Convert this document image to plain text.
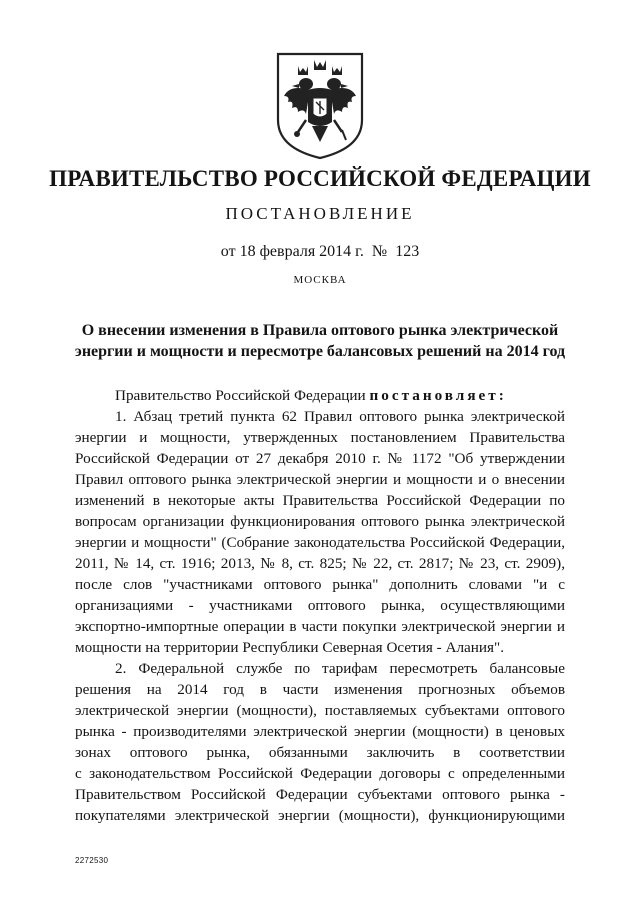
ПРАВИТЕЛЬСТВО РОССИЙСКОЙ ФЕДЕРАЦИИ
ПОСТАНОВЛЕНИЕ
от 18 февраля 2014 г.  №  123
МОСКВА
О внесении изменения в Правила оптового рынка электрической
энергии и мощности и пересмотре балансовых решений на 2014 год
Правительство Российской Федерации постановляет:
1. Абзац третий пункта 62 Правил оптового рынка электрической
энергии и мощности, утвержденных постановлением Правительства
Российской Федерации от 27 декабря 2010 г. № 1172 "Об утверждении
Правил оптового рынка электрической энергии и мощности и о внесении
изменений в некоторые акты Правительства Российской Федерации по
вопросам организации функционирования оптового рынка электрической
энергии и мощности" (Собрание законодательства Российской Федерации,
2011, № 14, ст. 1916; 2013, № 8, ст. 825; № 22, ст. 2817; № 23, ст. 2909),
после слов "участниками оптового рынка" дополнить словами "и с
организациями - участниками оптового рынка, осуществляющими
экспортно-импортные операции в части покупки электрической энергии и
мощности на территории Республики Северная Осетия - Алания".
2. Федеральной службе по тарифам пересмотреть балансовые
решения на 2014 год в части изменения прогнозных объемов
электрической энергии (мощности), поставляемых субъектами оптового
рынка - производителями электрической энергии (мощности) в ценовых
зонах оптового рынка, обязанными заключить в соответствии
с законодательством Российской Федерации договоры с определенными
Правительством Российской Федерации субъектами оптового рынка -
покупателями электрической энергии (мощности), функционирующими
2272530
